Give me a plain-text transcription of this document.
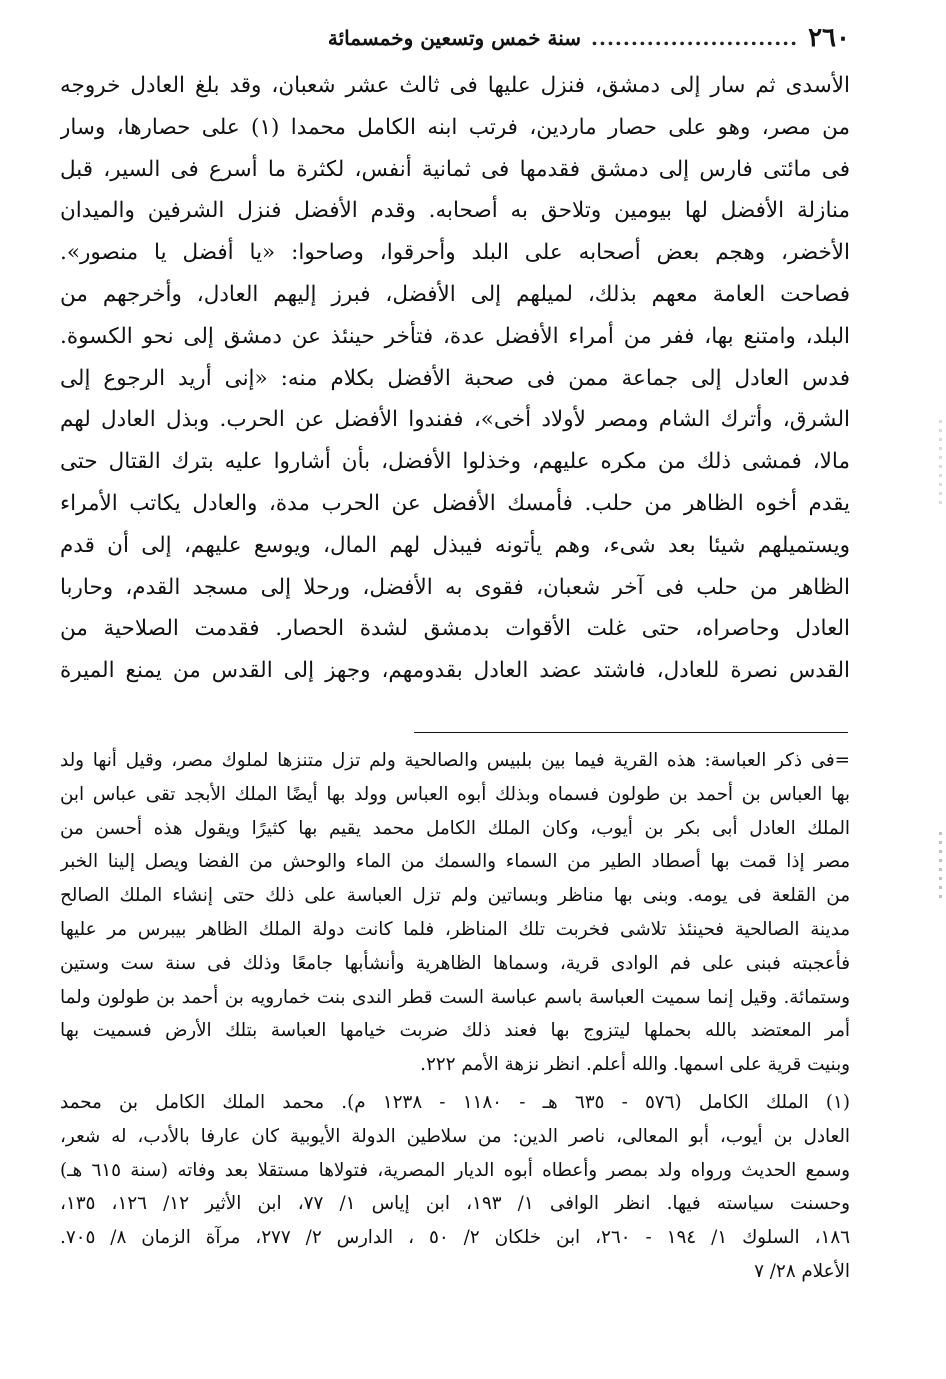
٢٦٠
..........................
سنة خمس وتسعين وخمسمائة
الأسدى ثم سار إلى دمشق، فنزل عليها فى ثالث عشر شعبان، وقد بلغ العادل خروجه
من مصر، وهو على حصار ماردين، فرتب ابنه الكامل محمدا (١) على حصارها، وسار
فى مائتى فارس إلى دمشق فقدمها فى ثمانية أنفس، لكثرة ما أسرع فى السير، قبل
منازلة الأفضل لها بيومين وتلاحق به أصحابه. وقدم الأفضل فنزل الشرفين والميدان
الأخضر، وهجم بعض أصحابه على البلد وأحرقوا، وصاحوا: «يا أفضل يا منصور».
فصاحت العامة معهم بذلك، لميلهم إلى الأفضل، فبرز إليهم العادل، وأخرجهم من
البلد، وامتنع بها، ففر من أمراء الأفضل عدة، فتأخر حينئذ عن دمشق إلى نحو الكسوة.
فدس العادل إلى جماعة ممن فى صحبة الأفضل بكلام منه: «إنى أريد الرجوع إلى
الشرق، وأترك الشام ومصر لأولاد أخى»، ففندوا الأفضل عن الحرب. وبذل العادل لهم
مالا، فمشى ذلك من مكره عليهم، وخذلوا الأفضل، بأن أشاروا عليه بترك القتال حتى
يقدم أخوه الظاهر من حلب. فأمسك الأفضل عن الحرب مدة، والعادل يكاتب الأمراء
ويستميلهم شيئا بعد شىء، وهم يأتونه فيبذل لهم المال، ويوسع عليهم، إلى أن قدم
الظاهر من حلب فى آخر شعبان، فقوى به الأفضل، ورحلا إلى مسجد القدم، وحاربا
العادل وحاصراه، حتى غلت الأقوات بدمشق لشدة الحصار. فقدمت الصلاحية من
القدس نصرة للعادل، فاشتد عضد العادل بقدومهم، وجهز إلى القدس من يمنع الميرة
=فى ذكر العباسة: هذه القرية فيما بين بلبيس والصالحية ولم تزل متنزها لملوك مصر، وقيل أنها ولد
بها العباس بن أحمد بن طولون فسماه وبذلك أبوه العباس وولد بها أيضًا الملك الأبجد تقى عباس ابن
الملك العادل أبى بكر بن أيوب، وكان الملك الكامل محمد يقيم بها كثيرًا ويقول هذه أحسن من
مصر إذا قمت بها أصطاد الطير من السماء والسمك من الماء والوحش من الفضا ويصل إلينا الخبر
من القلعة فى يومه. وبنى بها مناظر وبساتين ولم تزل العباسة على ذلك حتى إنشاء الملك الصالح
مدينة الصالحية فحينئذ تلاشى فخربت تلك المناظر، فلما كانت دولة الملك الظاهر بيبرس مر عليها
فأعجبته فبنى على فم الوادى قرية، وسماها الظاهرية وأنشأبها جامعًا وذلك فى سنة ست وستين
وستمائة. وقيل إنما سميت العباسة باسم عباسة الست قطر الندى بنت خمارويه بن أحمد بن طولون ولما
أمر المعتضد بالله بحملها ليتزوج بها فعند ذلك ضربت خيامها العباسة بتلك الأرض فسميت بها
وبنيت قرية على اسمها. والله أعلم. انظر نزهة الأمم ٢٢٢.
(١) الملك الكامل (٥٧٦ - ٦٣٥ هـ - ١١٨٠ - ١٢٣٨ م). محمد الملك الكامل بن محمد
العادل بن أيوب، أبو المعالى، ناصر الدين: من سلاطين الدولة الأيوبية كان عارفا بالأدب، له شعر،
وسمع الحديث ورواه ولد بمصر وأعطاه أبوه الديار المصرية، فتولاها مستقلا بعد وفاته (سنة ٦١٥ هـ)
وحسنت سياسته فيها. انظر الوافى ١/ ١٩٣، ابن إياس ١/ ٧٧، ابن الأثير ١٢/ ١٢٦، ١٣٥،
١٨٦، السلوك ١/ ١٩٤ - ٢٦٠، ابن خلكان ٢/ ٥٠ ، الدارس ٢/ ٢٧٧، مرآة الزمان ٨/ ٧٠٥.
الأعلام ٢٨/ ٧
